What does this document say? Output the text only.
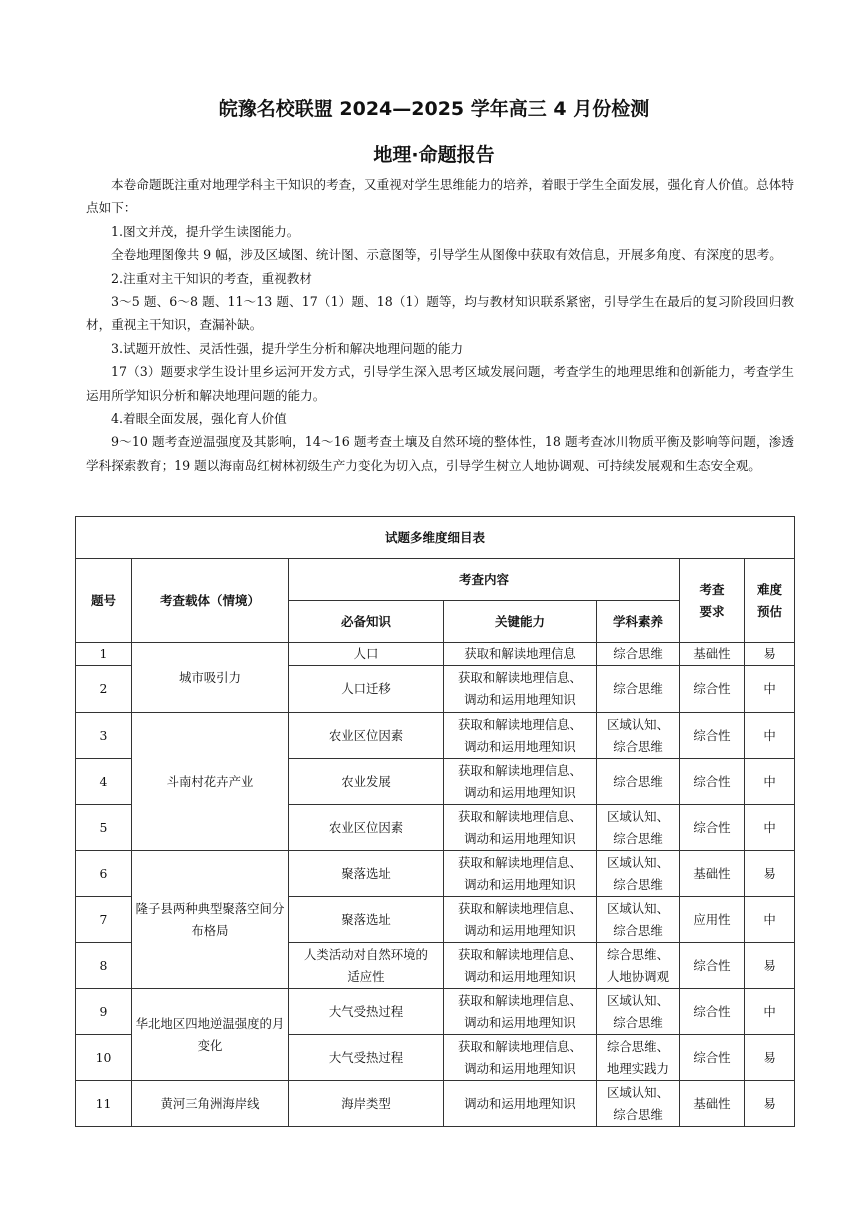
皖豫名校联盟 2024—2025 学年高三 4 月份检测
地理·命题报告

本卷命题既注重对地理学科主干知识的考查，又重视对学生思维能力的培养，着眼于学生全面发展，强化育人价值。总体特点如下：

1.图文并茂，提升学生读图能力。

全卷地理图像共 9 幅，涉及区域图、统计图、示意图等，引导学生从图像中获取有效信息，开展多角度、有深度的思考。

2.注重对主干知识的考查，重视教材

3～5 题、6～8 题、11～13 题、17（1）题、18（1）题等，均与教材知识联系紧密，引导学生在最后的复习阶段回归教材，重视主干知识，查漏补缺。

3.试题开放性、灵活性强，提升学生分析和解决地理问题的能力

17（3）题要求学生设计里乡运河开发方式，引导学生深入思考区域发展问题，考查学生的地理思维和创新能力，考查学生运用所学知识分析和解决地理问题的能力。

4.着眼全面发展，强化育人价值

9～10 题考查逆温强度及其影响，14～16 题考查土壤及自然环境的整体性，18 题考查冰川物质平衡及影响等问题，渗透学科探索教育；19 题以海南岛红树林初级生产力变化为切入点，引导学生树立人地协调观、可持续发展观和生态安全观。

试题多维度细目表						
题号	考查载体（情境）	考查内容			考查
要求	难度
预估
		必备知识	关键能力	学科素养		
1	城市吸引力	人口	获取和解读地理信息	综合思维	基础性	易
2		人口迁移	获取和解读地理信息、
调动和运用地理知识	综合思维	综合性	中
3	斗南村花卉产业	农业区位因素	获取和解读地理信息、
调动和运用地理知识	区域认知、
综合思维	综合性	中
4		农业发展	获取和解读地理信息、
调动和运用地理知识	综合思维	综合性	中
5		农业区位因素	获取和解读地理信息、
调动和运用地理知识	区域认知、
综合思维	综合性	中
6	隆子县两种典型聚落空间分布格局	聚落选址	获取和解读地理信息、
调动和运用地理知识	区域认知、
综合思维	基础性	易
7		聚落选址	获取和解读地理信息、
调动和运用地理知识	区域认知、
综合思维	应用性	中
8		人类活动对自然环境的
适应性	获取和解读地理信息、
调动和运用地理知识	综合思维、
人地协调观	综合性	易
9	华北地区四地逆温强度的月变化	大气受热过程	获取和解读地理信息、
调动和运用地理知识	区域认知、
综合思维	综合性	中
10		大气受热过程	获取和解读地理信息、
调动和运用地理知识	综合思维、
地理实践力	综合性	易
11	黄河三角洲海岸线	海岸类型	调动和运用地理知识	区域认知、
综合思维	基础性	易
